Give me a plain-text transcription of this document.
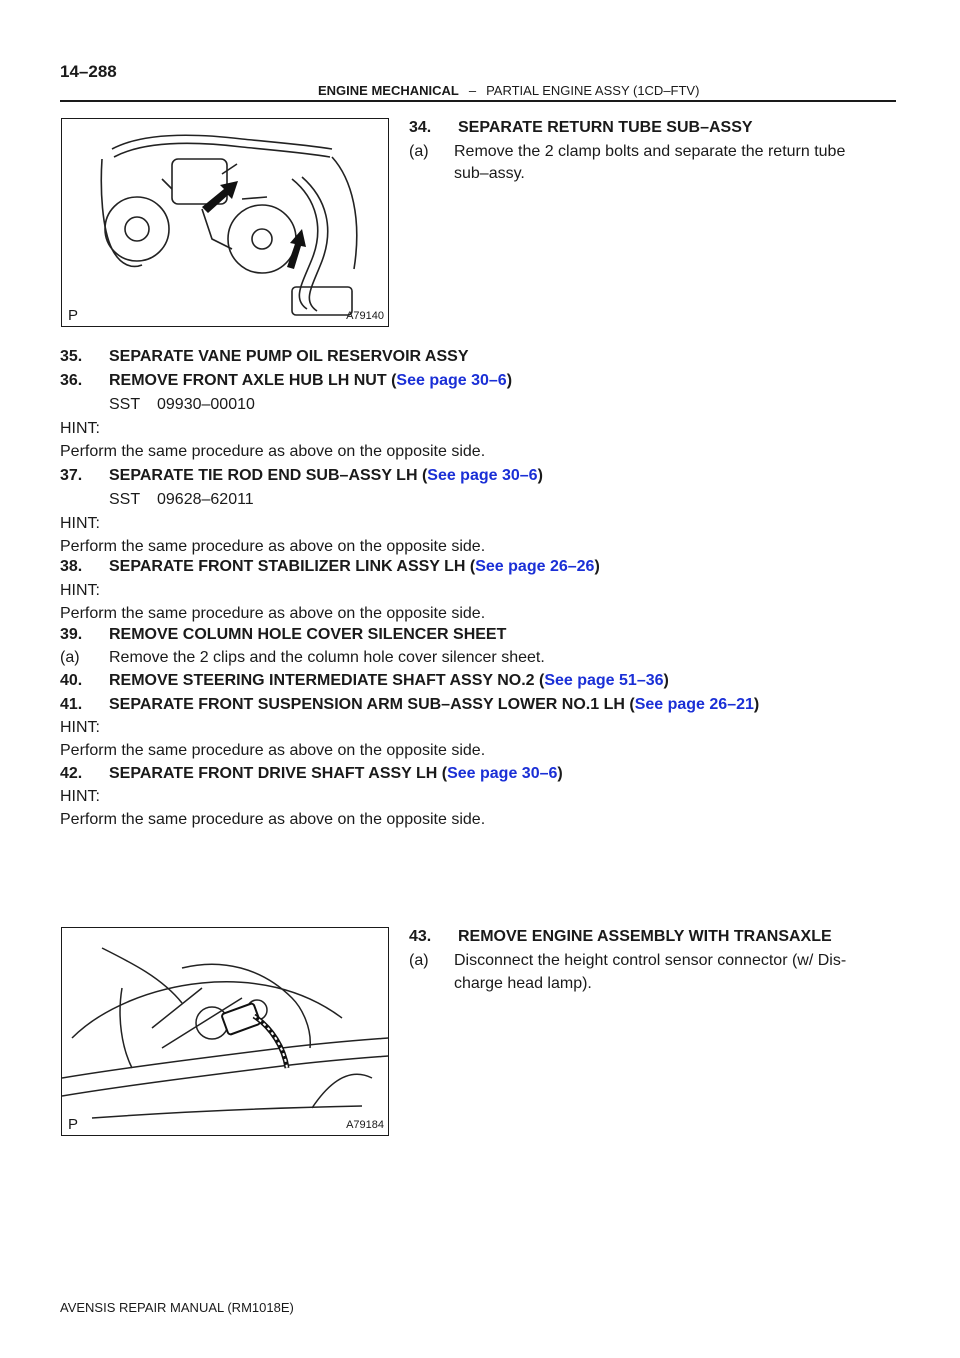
14–288
ENGINE MECHANICAL – PARTIAL ENGINE ASSY (1CD–FTV)
P	A79140
34. SEPARATE RETURN TUBE SUB–ASSY
(a) Remove the 2 clamp bolts and separate the return tube
sub–assy.
35. SEPARATE VANE PUMP OIL RESERVOIR ASSY
36. REMOVE FRONT AXLE HUB LH NUT (See page 30–6)
SST 09930–00010
HINT:
Perform the same procedure as above on the opposite side.
37. SEPARATE TIE ROD END SUB–ASSY LH (See page 30–6)
SST 09628–62011
HINT:
Perform the same procedure as above on the opposite side.
38. SEPARATE FRONT STABILIZER LINK ASSY LH (See page 26–26)
HINT:
Perform the same procedure as above on the opposite side.
39. REMOVE COLUMN HOLE COVER SILENCER SHEET
(a) Remove the 2 clips and the column hole cover silencer sheet.
40. REMOVE STEERING INTERMEDIATE SHAFT ASSY NO.2 (See page 51–36)
41. SEPARATE FRONT SUSPENSION ARM SUB–ASSY LOWER NO.1 LH (See page 26–21)
HINT:
Perform the same procedure as above on the opposite side.
42. SEPARATE FRONT DRIVE SHAFT ASSY LH (See page 30–6)
HINT:
Perform the same procedure as above on the opposite side.
P	A79184
43. REMOVE ENGINE ASSEMBLY WITH TRANSAXLE
(a) Disconnect the height control sensor connector (w/ Dis-
charge head lamp).
AVENSIS REPAIR MANUAL (RM1018E)
